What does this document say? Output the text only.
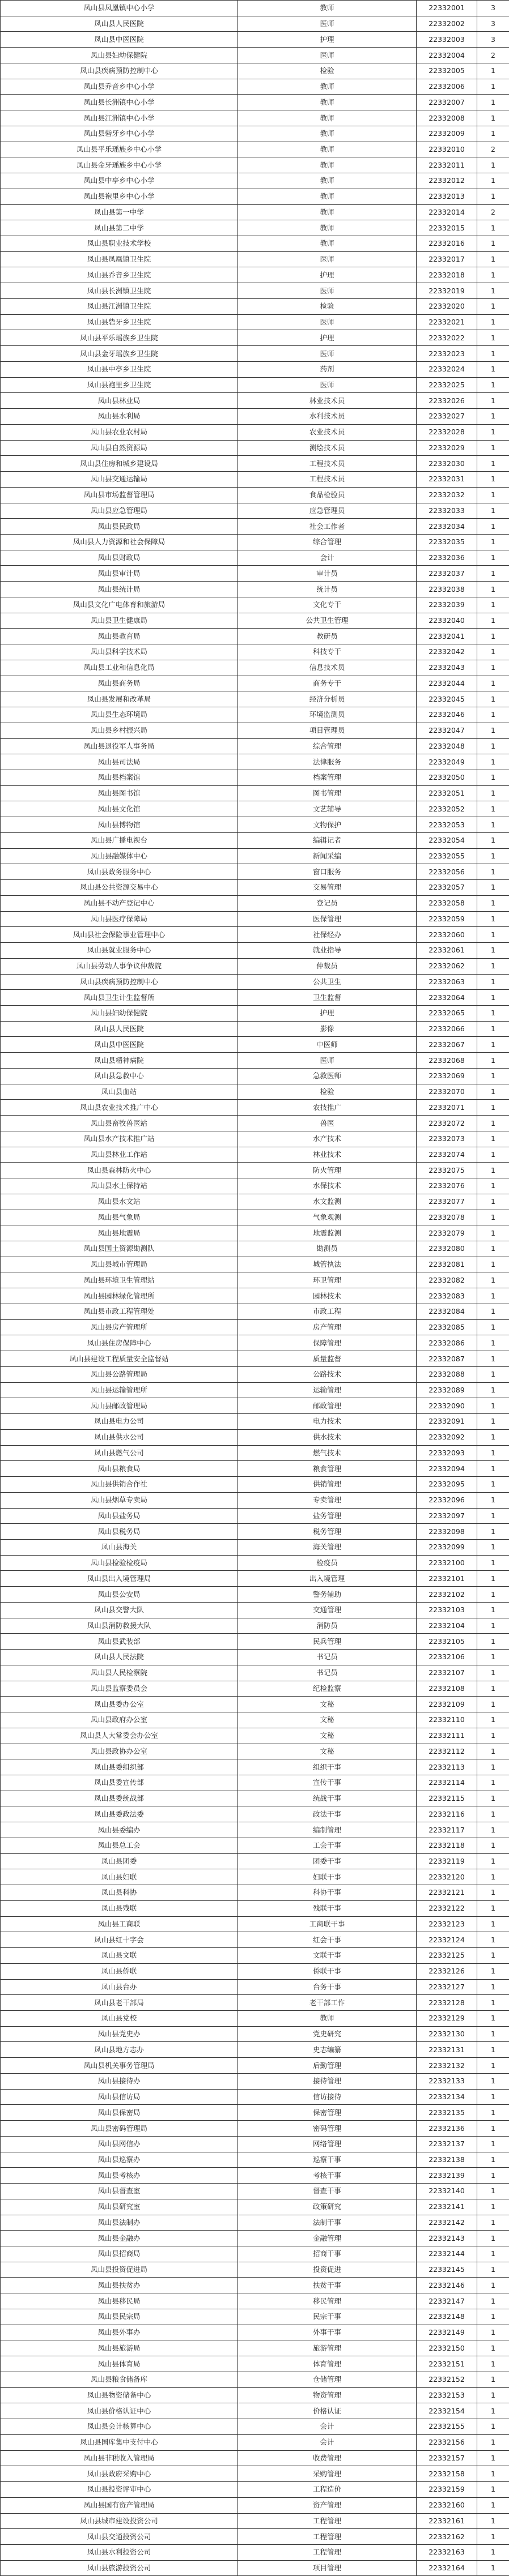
凤山县凤凰镇中心小学	教师	22332001	3
凤山县人民医院	医师	22332002	3
凤山县中医医院	护理	22332003	3
凤山县妇幼保健院	医师	22332004	2
凤山县疾病预防控制中心	检验	22332005	1
凤山县乔音乡中心小学	教师	22332006	1
凤山县长洲镇中心小学	教师	22332007	1
凤山县江洲镇中心小学	教师	22332008	1
凤山县砦牙乡中心小学	教师	22332009	1
凤山县平乐瑶族乡中心小学	教师	22332010	2
凤山县金牙瑶族乡中心小学	教师	22332011	1
凤山县中亭乡中心小学	教师	22332012	1
凤山县袍里乡中心小学	教师	22332013	1
凤山县第一中学	教师	22332014	2
凤山县第二中学	教师	22332015	1
凤山县职业技术学校	教师	22332016	1
凤山县凤凰镇卫生院	医师	22332017	1
凤山县乔音乡卫生院	护理	22332018	1
凤山县长洲镇卫生院	医师	22332019	1
凤山县江洲镇卫生院	检验	22332020	1
凤山县砦牙乡卫生院	医师	22332021	1
凤山县平乐瑶族乡卫生院	护理	22332022	1
凤山县金牙瑶族乡卫生院	医师	22332023	1
凤山县中亭乡卫生院	药剂	22332024	1
凤山县袍里乡卫生院	医师	22332025	1
凤山县林业局	林业技术员	22332026	1
凤山县水利局	水利技术员	22332027	1
凤山县农业农村局	农业技术员	22332028	1
凤山县自然资源局	测绘技术员	22332029	1
凤山县住房和城乡建设局	工程技术员	22332030	1
凤山县交通运输局	工程技术员	22332031	1
凤山县市场监督管理局	食品检验员	22332032	1
凤山县应急管理局	应急管理员	22332033	1
凤山县民政局	社会工作者	22332034	1
凤山县人力资源和社会保障局	综合管理	22332035	1
凤山县财政局	会计	22332036	1
凤山县审计局	审计员	22332037	1
凤山县统计局	统计员	22332038	1
凤山县文化广电体育和旅游局	文化专干	22332039	1
凤山县卫生健康局	公共卫生管理	22332040	1
凤山县教育局	教研员	22332041	1
凤山县科学技术局	科技专干	22332042	1
凤山县工业和信息化局	信息技术员	22332043	1
凤山县商务局	商务专干	22332044	1
凤山县发展和改革局	经济分析员	22332045	1
凤山县生态环境局	环境监测员	22332046	1
凤山县乡村振兴局	项目管理员	22332047	1
凤山县退役军人事务局	综合管理	22332048	1
凤山县司法局	法律服务	22332049	1
凤山县档案馆	档案管理	22332050	1
凤山县图书馆	图书管理	22332051	1
凤山县文化馆	文艺辅导	22332052	1
凤山县博物馆	文物保护	22332053	1
凤山县广播电视台	编辑记者	22332054	1
凤山县融媒体中心	新闻采编	22332055	1
凤山县政务服务中心	窗口服务	22332056	1
凤山县公共资源交易中心	交易管理	22332057	1
凤山县不动产登记中心	登记员	22332058	1
凤山县医疗保障局	医保管理	22332059	1
凤山县社会保险事业管理中心	社保经办	22332060	1
凤山县就业服务中心	就业指导	22332061	1
凤山县劳动人事争议仲裁院	仲裁员	22332062	1
凤山县疾病预防控制中心	公共卫生	22332063	1
凤山县卫生计生监督所	卫生监督	22332064	1
凤山县妇幼保健院	护理	22332065	1
凤山县人民医院	影像	22332066	1
凤山县中医医院	中医师	22332067	1
凤山县精神病院	医师	22332068	1
凤山县急救中心	急救医师	22332069	1
凤山县血站	检验	22332070	1
凤山县农业技术推广中心	农技推广	22332071	1
凤山县畜牧兽医站	兽医	22332072	1
凤山县水产技术推广站	水产技术	22332073	1
凤山县林业工作站	林业技术	22332074	1
凤山县森林防火中心	防火管理	22332075	1
凤山县水土保持站	水保技术	22332076	1
凤山县水文站	水文监测	22332077	1
凤山县气象局	气象观测	22332078	1
凤山县地震局	地震监测	22332079	1
凤山县国土资源勘测队	勘测员	22332080	1
凤山县城市管理局	城管执法	22332081	1
凤山县环境卫生管理站	环卫管理	22332082	1
凤山县园林绿化管理所	园林技术	22332083	1
凤山县市政工程管理处	市政工程	22332084	1
凤山县房产管理所	房产管理	22332085	1
凤山县住房保障中心	保障管理	22332086	1
凤山县建设工程质量安全监督站	质量监督	22332087	1
凤山县公路管理局	公路技术	22332088	1
凤山县运输管理所	运输管理	22332089	1
凤山县邮政管理局	邮政管理	22332090	1
凤山县电力公司	电力技术	22332091	1
凤山县供水公司	供水技术	22332092	1
凤山县燃气公司	燃气技术	22332093	1
凤山县粮食局	粮食管理	22332094	1
凤山县供销合作社	供销管理	22332095	1
凤山县烟草专卖局	专卖管理	22332096	1
凤山县盐务局	盐务管理	22332097	1
凤山县税务局	税务管理	22332098	1
凤山县海关	海关管理	22332099	1
凤山县检验检疫局	检疫员	22332100	1
凤山县出入境管理局	出入境管理	22332101	1
凤山县公安局	警务辅助	22332102	1
凤山县交警大队	交通管理	22332103	1
凤山县消防救援大队	消防员	22332104	1
凤山县武装部	民兵管理	22332105	1
凤山县人民法院	书记员	22332106	1
凤山县人民检察院	书记员	22332107	1
凤山县监察委员会	纪检监察	22332108	1
凤山县委办公室	文秘	22332109	1
凤山县政府办公室	文秘	22332110	1
凤山县人大常委会办公室	文秘	22332111	1
凤山县政协办公室	文秘	22332112	1
凤山县委组织部	组织干事	22332113	1
凤山县委宣传部	宣传干事	22332114	1
凤山县委统战部	统战干事	22332115	1
凤山县委政法委	政法干事	22332116	1
凤山县委编办	编制管理	22332117	1
凤山县总工会	工会干事	22332118	1
凤山县团委	团委干事	22332119	1
凤山县妇联	妇联干事	22332120	1
凤山县科协	科协干事	22332121	1
凤山县残联	残联干事	22332122	1
凤山县工商联	工商联干事	22332123	1
凤山县红十字会	红会干事	22332124	1
凤山县文联	文联干事	22332125	1
凤山县侨联	侨联干事	22332126	1
凤山县台办	台务干事	22332127	1
凤山县老干部局	老干部工作	22332128	1
凤山县党校	教师	22332129	1
凤山县党史办	党史研究	22332130	1
凤山县地方志办	史志编纂	22332131	1
凤山县机关事务管理局	后勤管理	22332132	1
凤山县接待办	接待管理	22332133	1
凤山县信访局	信访接待	22332134	1
凤山县保密局	保密管理	22332135	1
凤山县密码管理局	密码管理	22332136	1
凤山县网信办	网络管理	22332137	1
凤山县巡察办	巡察干事	22332138	1
凤山县考核办	考核干事	22332139	1
凤山县督查室	督查干事	22332140	1
凤山县研究室	政策研究	22332141	1
凤山县法制办	法制干事	22332142	1
凤山县金融办	金融管理	22332143	1
凤山县招商局	招商干事	22332144	1
凤山县投资促进局	投资促进	22332145	1
凤山县扶贫办	扶贫干事	22332146	1
凤山县移民局	移民管理	22332147	1
凤山县民宗局	民宗干事	22332148	1
凤山县外事办	外事干事	22332149	1
凤山县旅游局	旅游管理	22332150	1
凤山县体育局	体育管理	22332151	1
凤山县粮食储备库	仓储管理	22332152	1
凤山县物资储备中心	物资管理	22332153	1
凤山县价格认证中心	价格认证	22332154	1
凤山县会计核算中心	会计	22332155	1
凤山县国库集中支付中心	会计	22332156	1
凤山县非税收入管理局	收费管理	22332157	1
凤山县政府采购中心	采购管理	22332158	1
凤山县投资评审中心	工程造价	22332159	1
凤山县国有资产管理局	资产管理	22332160	1
凤山县城市建设投资公司	工程管理	22332161	1
凤山县交通投资公司	工程管理	22332162	1
凤山县水利投资公司	工程管理	22332163	1
凤山县旅游投资公司	项目管理	22332164	1
